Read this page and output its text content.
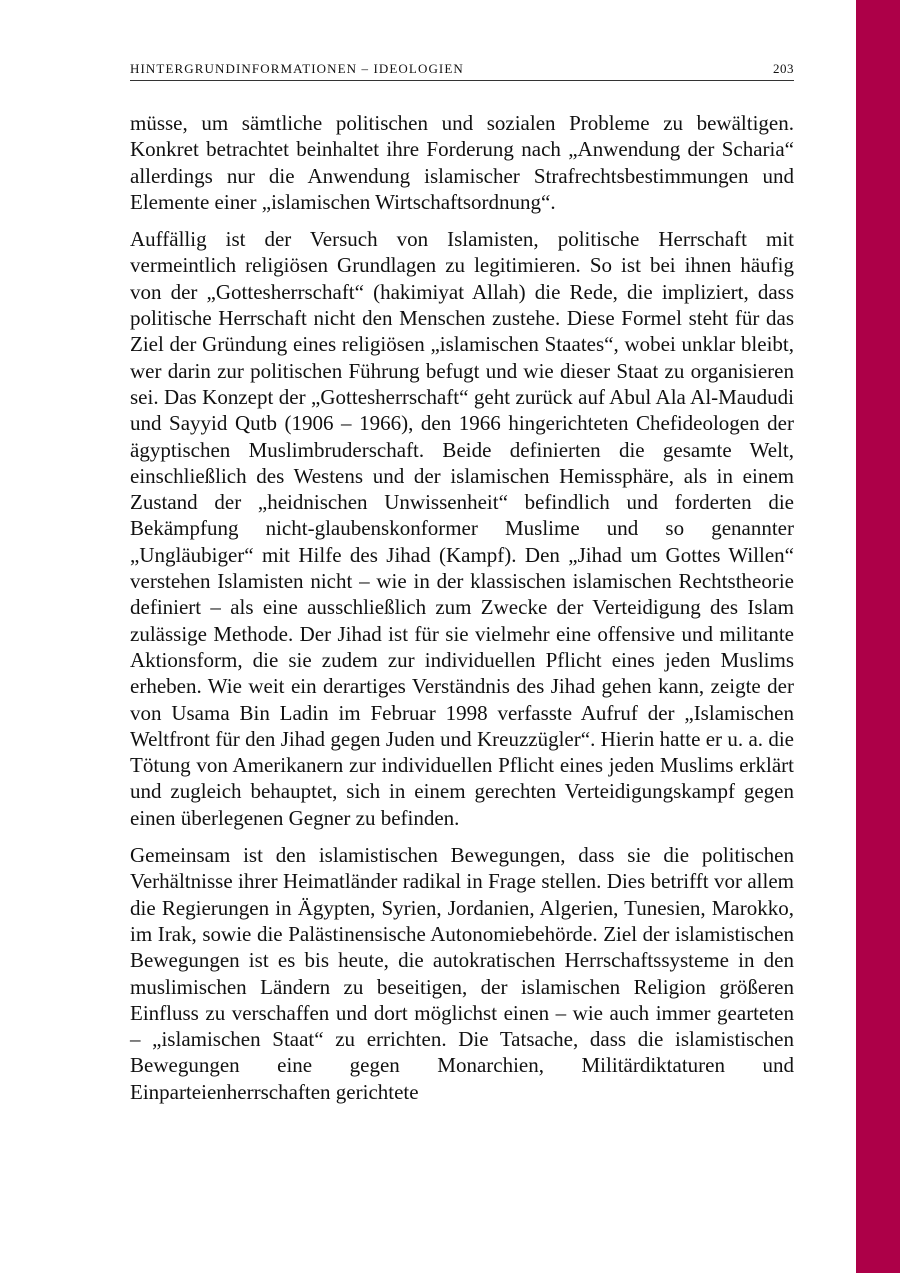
HINTERGRUNDINFORMATIONEN – IDEOLOGIEN	203

müsse, um sämtliche politischen und sozialen Probleme zu bewältigen. Konkret betrachtet beinhaltet ihre Forderung nach „Anwendung der Scharia“ allerdings nur die Anwendung islamischer Strafrechtsbestimmungen und Elemente einer „islamischen Wirtschaftsordnung“.

Auffällig ist der Versuch von Islamisten, politische Herrschaft mit vermeintlich religiösen Grundlagen zu legitimieren. So ist bei ihnen häufig von der „Gottesherrschaft“ (hakimiyat Allah) die Rede, die impliziert, dass politische Herrschaft nicht den Menschen zustehe. Diese Formel steht für das Ziel der Gründung eines religiösen „islamischen Staates“, wobei unklar bleibt, wer darin zur politischen Führung befugt und wie dieser Staat zu organisieren sei. Das Konzept der „Gottesherrschaft“ geht zurück auf Abul Ala Al-Maududi und Sayyid Qutb (1906 – 1966), den 1966 hingerichteten Chefideologen der ägyptischen Muslimbruderschaft. Beide definierten die gesamte Welt, einschließlich des Westens und der islamischen Hemissphäre, als in einem Zustand der „heidnischen Unwissenheit“ befindlich und forderten die Bekämpfung nicht-glaubenskonformer Muslime und so genannter „Ungläubiger“ mit Hilfe des Jihad (Kampf). Den „Jihad um Gottes Willen“ verstehen Islamisten nicht – wie in der klassischen islamischen Rechtstheorie definiert – als eine ausschließlich zum Zwecke der Verteidigung des Islam zulässige Methode. Der Jihad ist für sie vielmehr eine offensive und militante Aktionsform, die sie zudem zur individuellen Pflicht eines jeden Muslims erheben. Wie weit ein derartiges Verständnis des Jihad gehen kann, zeigte der von Usama Bin Ladin im Februar 1998 verfasste Aufruf der „Islamischen Weltfront für den Jihad gegen Juden und Kreuzzügler“. Hierin hatte er u. a. die Tötung von Amerikanern zur individuellen Pflicht eines jeden Muslims erklärt und zugleich behauptet, sich in einem gerechten Verteidigungskampf gegen einen überlegenen Gegner zu befinden.

Gemeinsam ist den islamistischen Bewegungen, dass sie die politischen Verhältnisse ihrer Heimatländer radikal in Frage stellen. Dies betrifft vor allem die Regierungen in Ägypten, Syrien, Jordanien, Algerien, Tunesien, Marokko, im Irak, sowie die Palästinensische Autonomiebehörde. Ziel der islamistischen Bewegungen ist es bis heute, die autokratischen Herrschaftssysteme in den muslimischen Ländern zu beseitigen, der islamischen Religion größeren Einfluss zu verschaffen und dort möglichst einen – wie auch immer gearteten – „islamischen Staat“ zu errichten. Die Tatsache, dass die islamistischen Bewegungen eine gegen Monarchien, Militärdiktaturen und Einparteienherrschaften gerichtete
